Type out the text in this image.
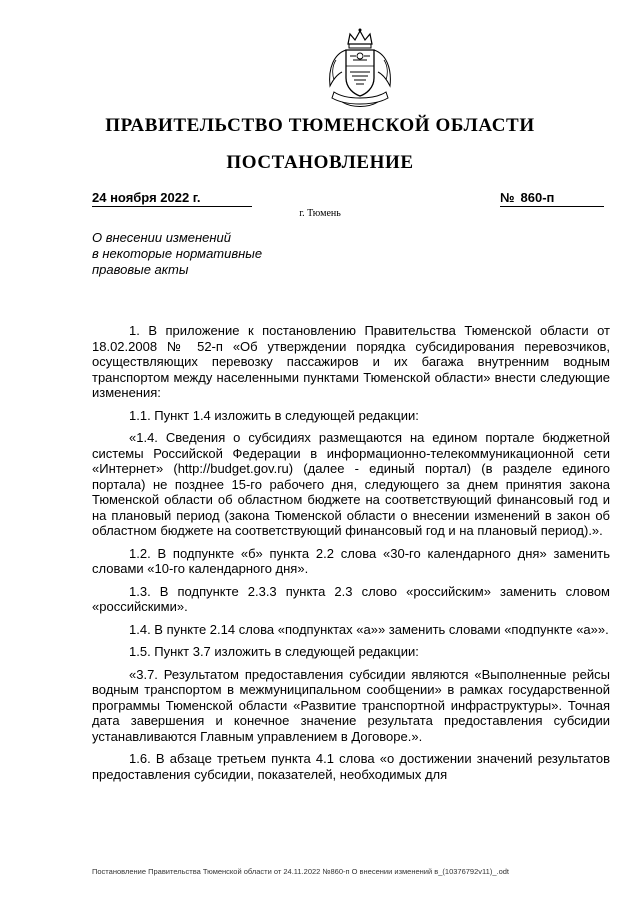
ПРАВИТЕЛЬСТВО ТЮМЕНСКОЙ ОБЛАСТИ
ПОСТАНОВЛЕНИЕ
24 ноября 2022 г.	№ 860-п
г. Тюмень
О внесении изменений
в некоторые нормативные
правовые акты

1. В приложение к постановлению Правительства Тюменской области от 18.02.2008 № 52-п «Об утверждении порядка субсидирования перевозчиков, осуществляющих перевозку пассажиров и их багажа внутренним водным транспортом между населенными пунктами Тюменской области» внести следующие изменения:

1.1. Пункт 1.4 изложить в следующей редакции:

«1.4. Сведения о субсидиях размещаются на едином портале бюджетной системы Российской Федерации в информационно-телекоммуникационной сети «Интернет» (http://budget.gov.ru) (далее - единый портал) (в разделе единого портала) не позднее 15-го рабочего дня, следующего за днем принятия закона Тюменской области об областном бюджете на соответствующий финансовый год и на плановый период (закона Тюменской области о внесении изменений в закон об областном бюджете на соответствующий финансовый год и на плановый период).».

1.2. В подпункте «б» пункта 2.2 слова «30-го календарного дня» заменить словами «10-го календарного дня».

1.3. В подпункте 2.3.3 пункта 2.3 слово «российским» заменить словом «российскими».

1.4. В пункте 2.14 слова «подпунктах «а»» заменить словами «подпункте «а»».

1.5. Пункт 3.7 изложить в следующей редакции:

«3.7. Результатом предоставления субсидии являются «Выполненные рейсы водным транспортом в межмуниципальном сообщении» в рамках государственной программы Тюменской области «Развитие транспортной инфраструктуры». Точная дата завершения и конечное значение результата предоставления субсидии устанавливаются Главным управлением в Договоре.».

1.6. В абзаце третьем пункта 4.1 слова «о достижении значений результатов предоставления субсидии, показателей, необходимых для

Постановление Правительства Тюменской области от 24.11.2022 №860-п О внесении изменений в_(10376792v11)_.odt
